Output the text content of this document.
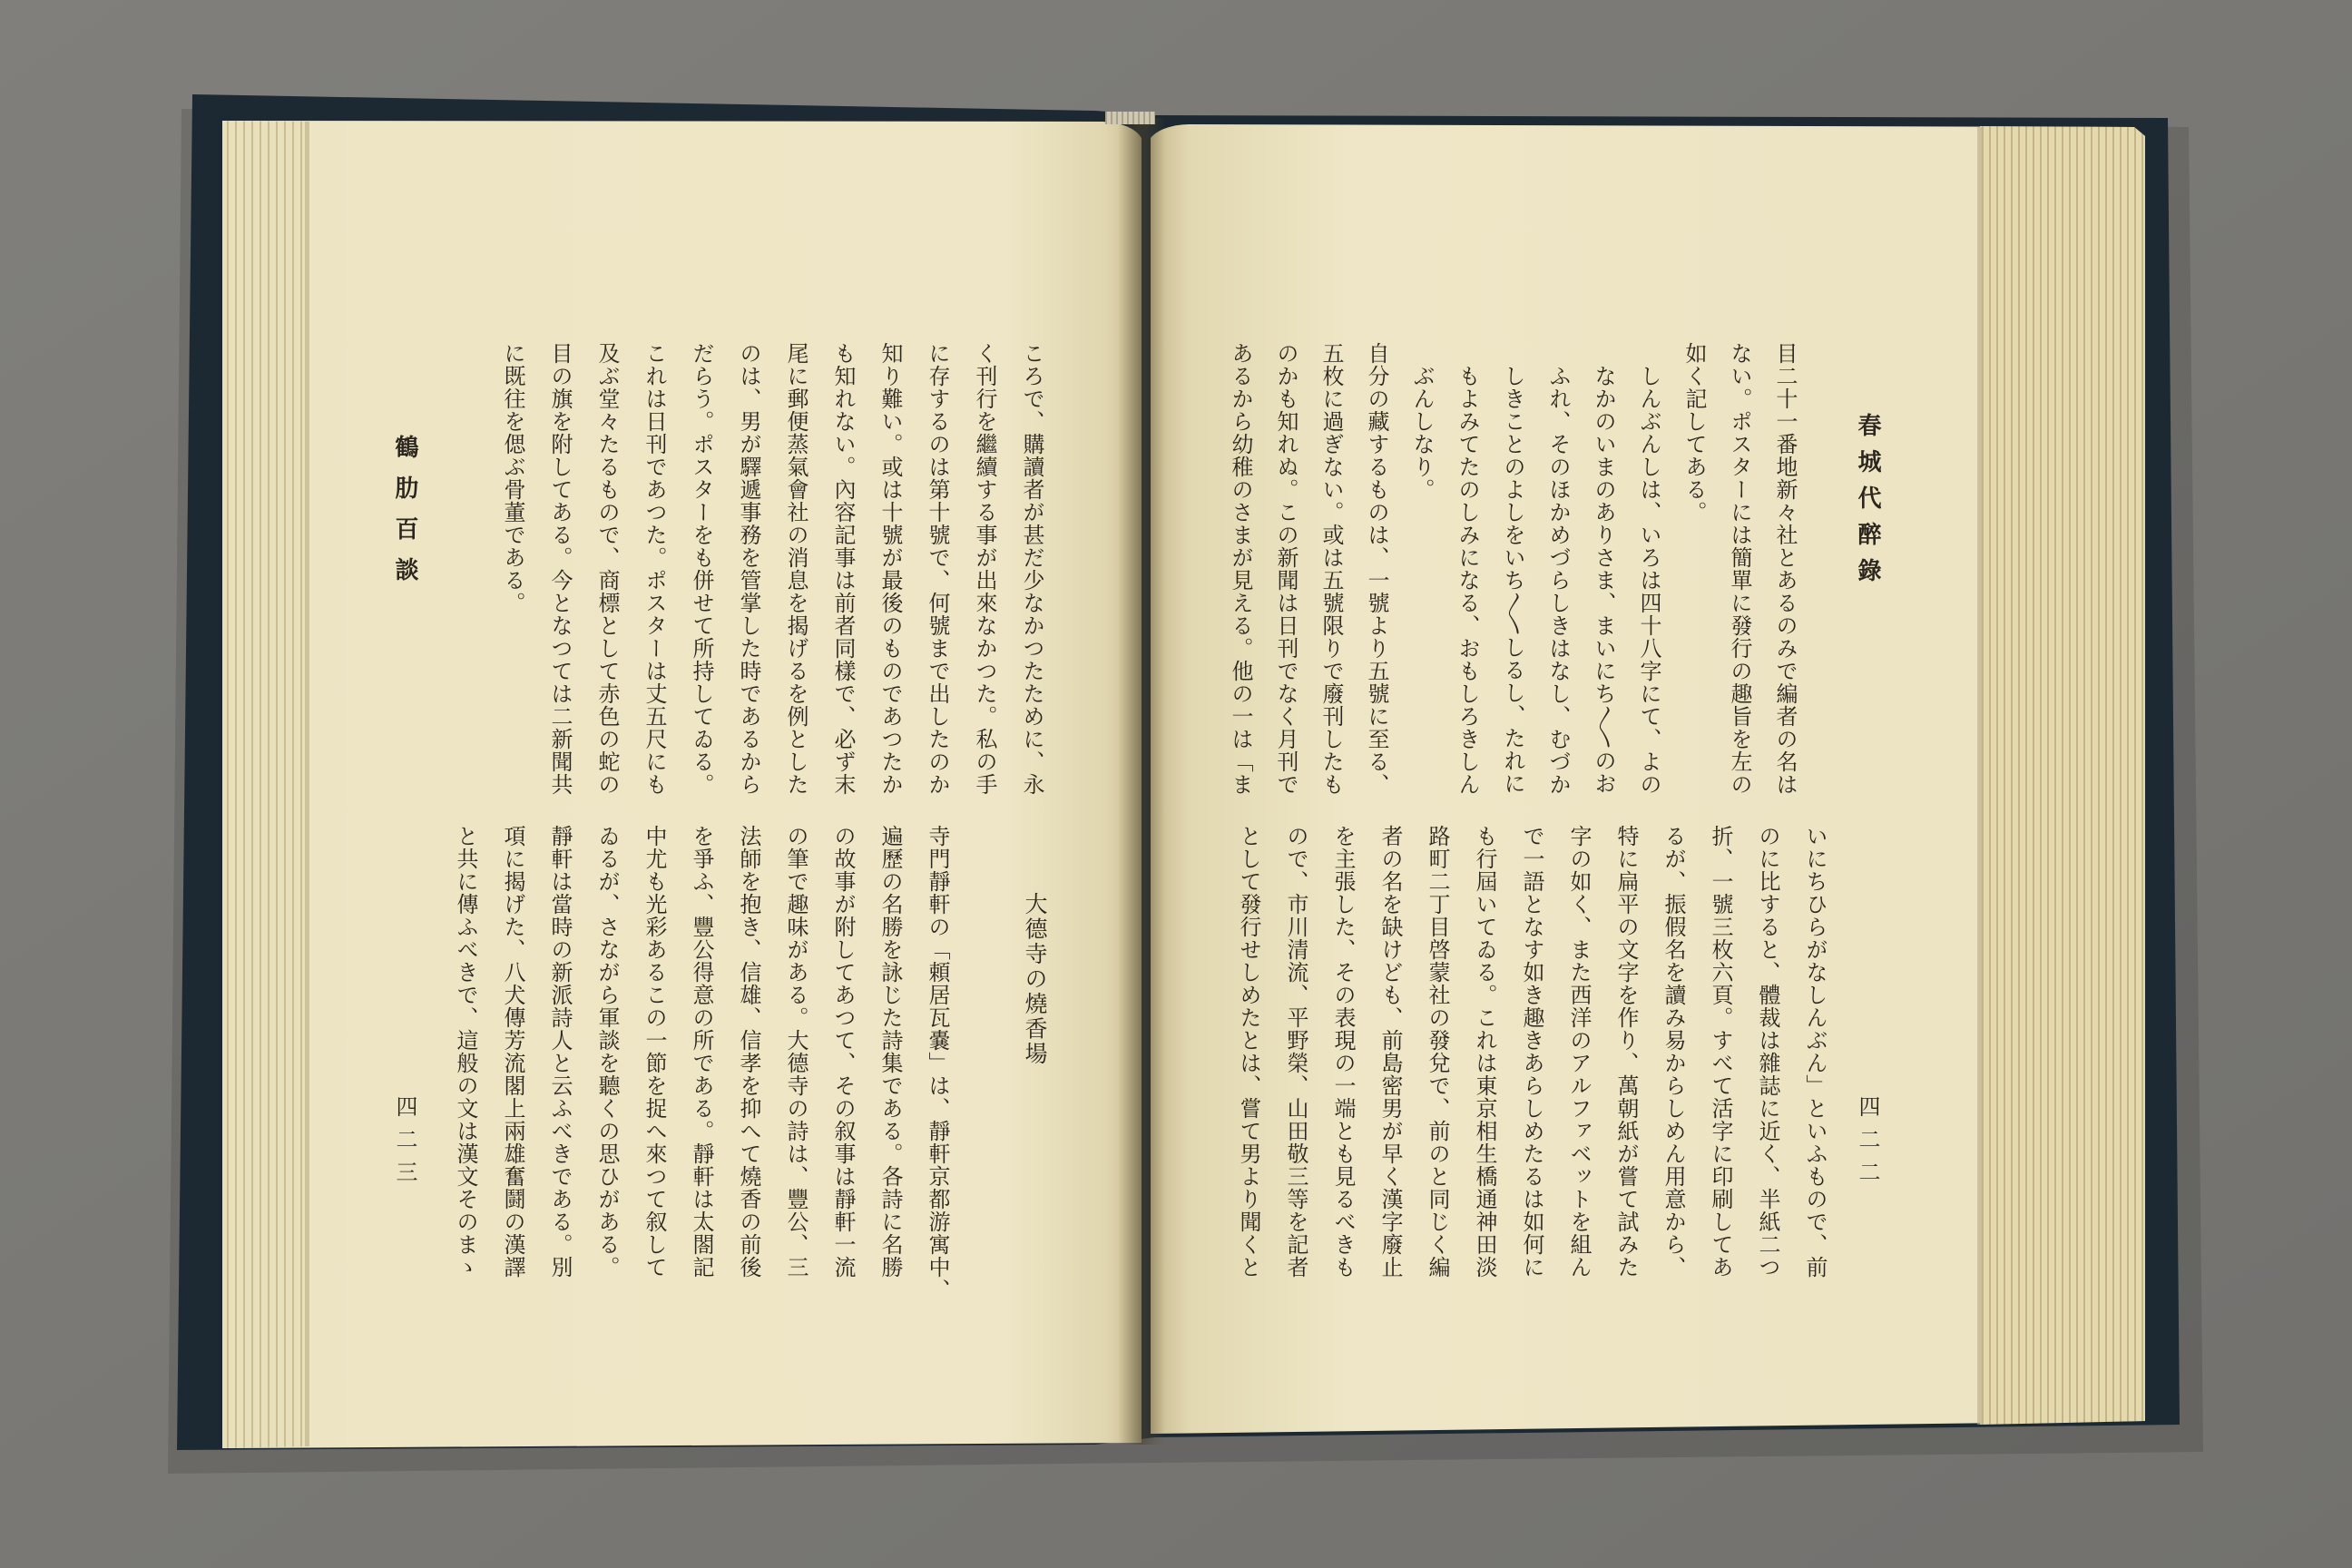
鶴肋百談
四二三
ころで、購讀者が甚だ少なかつたために、永
く刊行を繼續する事が出來なかつた。私の手
に存するのは第十號で、何號まで出したのか
知り難い。或は十號が最後のものであつたか
も知れない。內容記事は前者同樣で、必ず末
尾に郵便蒸氣會社の消息を揭げるを例とした
のは、男が驛遞事務を管掌した時であるから
だらう。ポスターをも併せて所持してゐる。
これは日刊であつた。ポスターは丈五尺にも
及ぶ堂々たるもので、商標として赤色の蛇の
目の旗を附してある。今となつては二新聞共
に既往を偲ぶ骨董である。
大德寺の燒香場
寺門靜軒の「頼居瓦嚢」は、靜軒京都游寓中、
遍歷の名勝を詠じた詩集である。各詩に名勝
の故事が附してあつて、その叙事は靜軒一流
の筆で趣味がある。大德寺の詩は、豐公、三
法師を抱き、信雄、信孝を抑へて燒香の前後
を爭ふ、豐公得意の所である。靜軒は太閤記
中尤も光彩あるこの一節を捉へ來つて叙して
ゐるが、さながら軍談を聽くの思ひがある。
靜軒は當時の新派詩人と云ふべきである。別
項に揭げた、八犬傳芳流閣上兩雄奮鬪の漢譯
と共に傳ふべきで、這般の文は漢文そのまゝ
春城代醉錄
四二二
目二十一番地新々社とあるのみで編者の名は
ない。ポスターには簡單に發行の趣旨を左の
如く記してある。
しんぶんしは、いろは四十八字にて、よの
なかのいまのありさま、まいにち〳〵のお
ふれ、そのほかめづらしきはなし、むづか
しきことのよしをいち〳〵しるし、たれに
もよみてたのしみになる、おもしろきしん
ぶんしなり。
自分の藏するものは、一號より五號に至る、
五枚に過ぎない。或は五號限りで廢刊したも
のかも知れぬ。この新聞は日刊でなく月刊で
あるから幼稚のさまが見える。他の一は「ま
いにちひらがなしんぶん」といふもので、前
のに比すると、體裁は雜誌に近く、半紙二つ
折、一號三枚六頁。すべて活字に印刷してあ
るが、振假名を讀み易からしめん用意から、
特に扁平の文字を作り、萬朝紙が嘗て試みた
字の如く、また西洋のアルファベットを組ん
で一語となす如き趣きあらしめたるは如何に
も行屆いてゐる。これは東京相生橋通神田淡
路町二丁目啓蒙社の發兌で、前のと同じく編
者の名を缺けども、前島密男が早く漢字廢止
を主張した、その表現の一端とも見るべきも
ので、市川清流、平野榮、山田敬三等を記者
として發行せしめたとは、嘗て男より聞くと
